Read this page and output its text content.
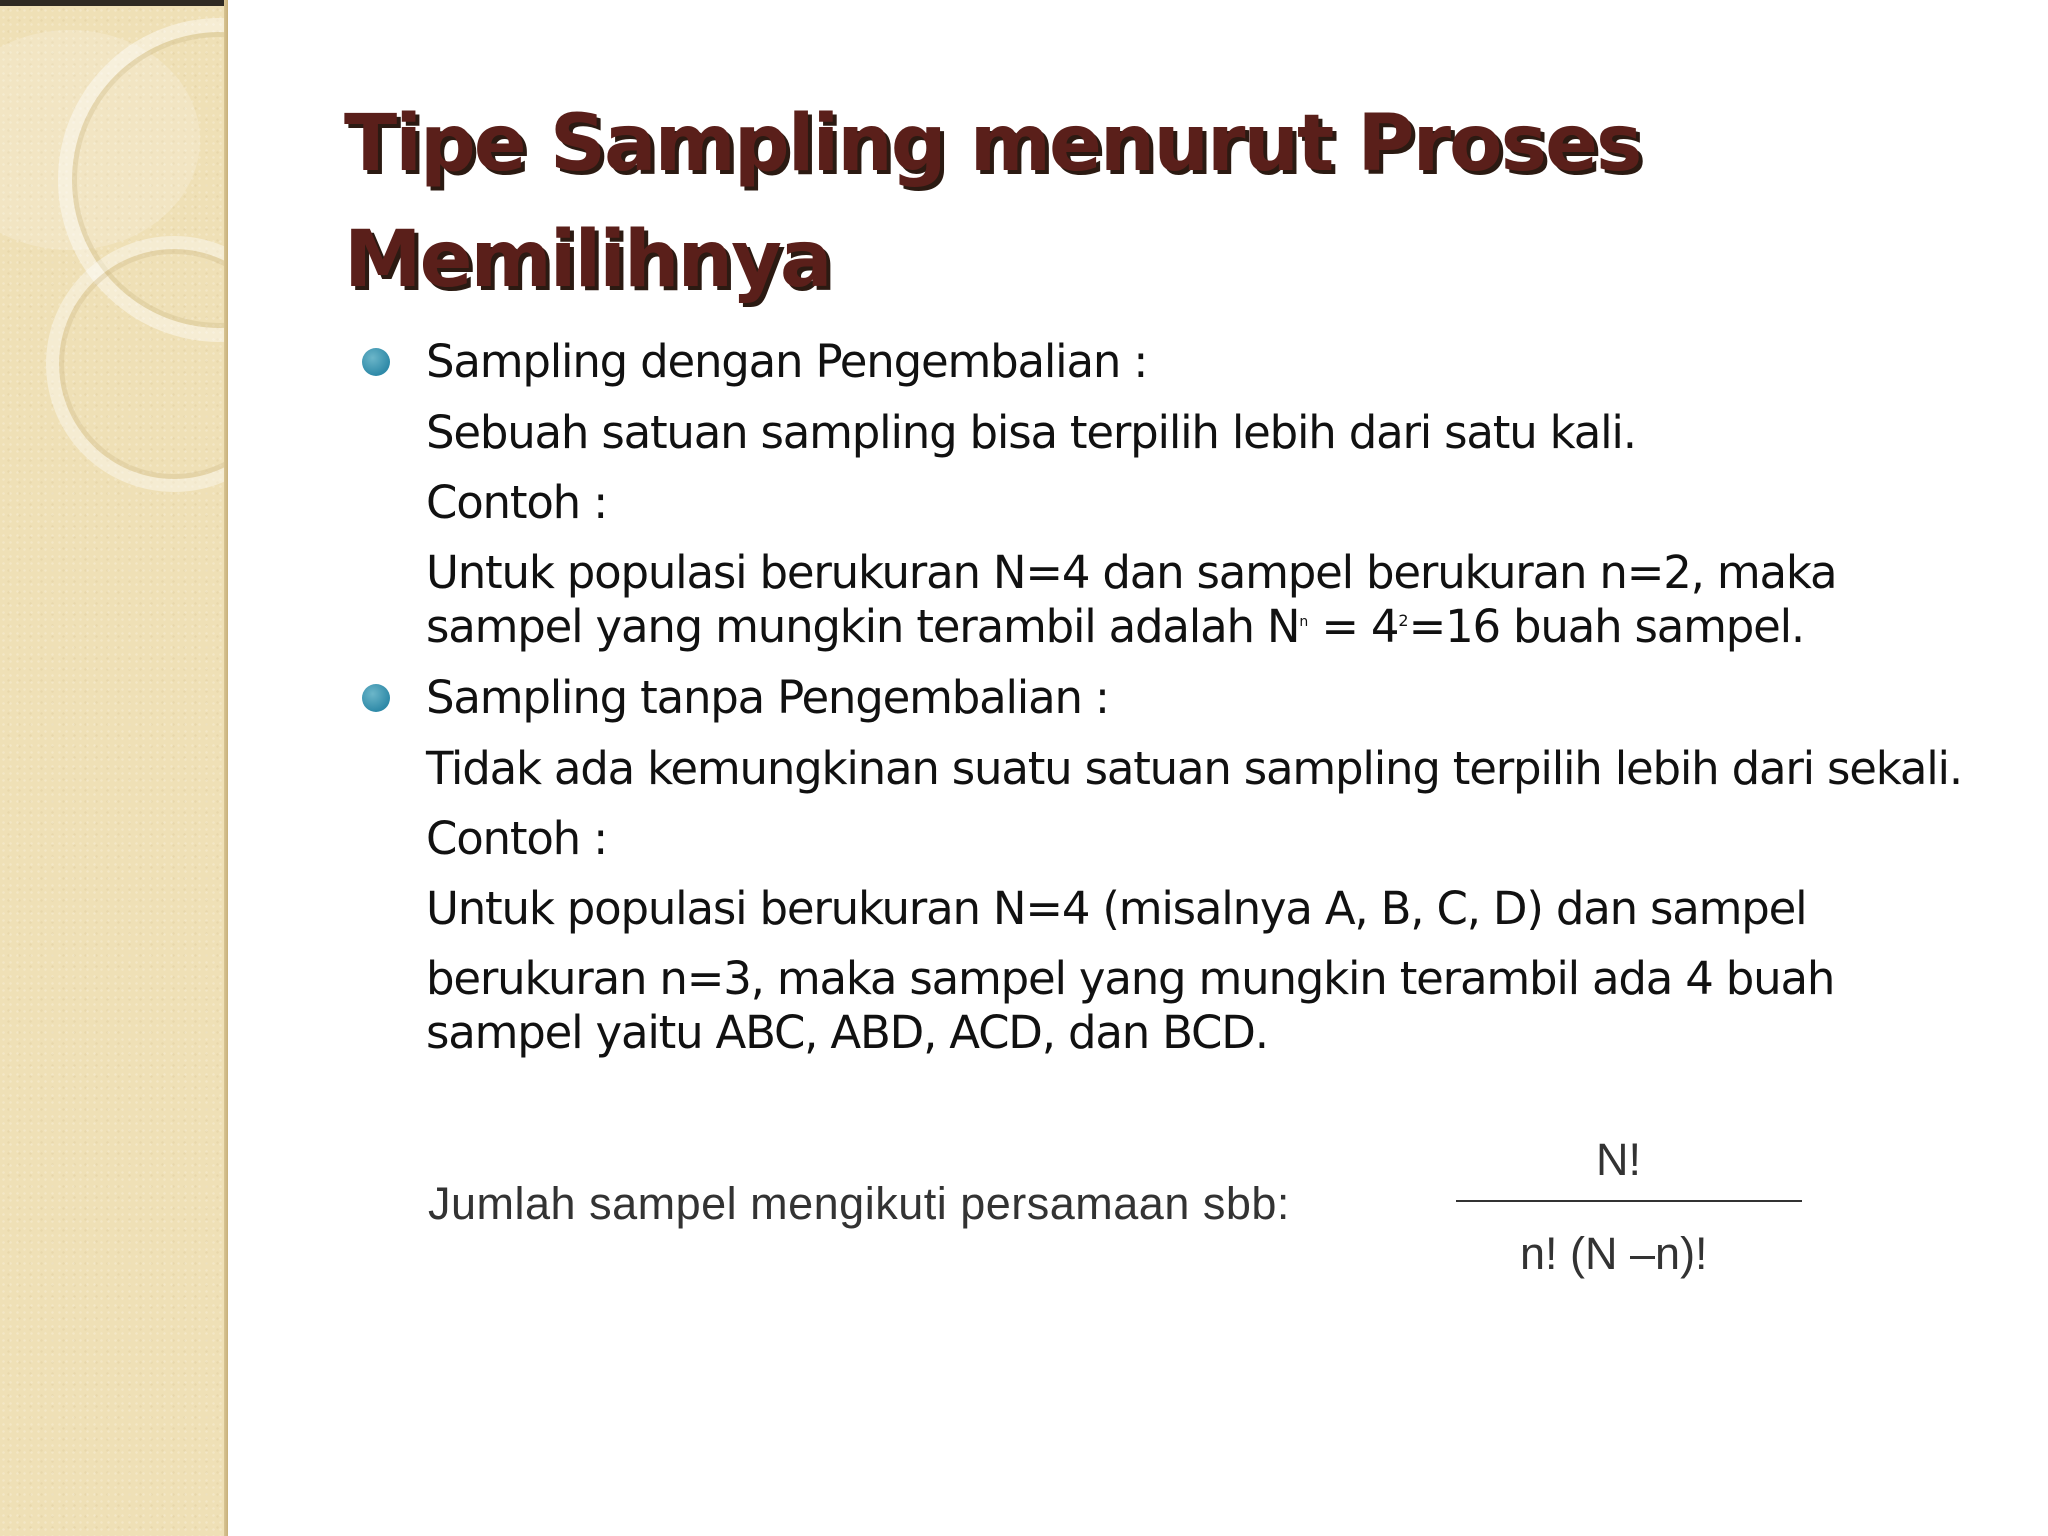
Tipe Sampling menurut Proses Memilihnya
Sampling dengan Pengembalian :

Sebuah satuan sampling bisa terpilih lebih dari satu kali.

Contoh :

Untuk populasi berukuran N=4 dan sampel berukuran n=2, maka sampel yang mungkin terambil adalah $N^n = 4^2=16$ buah sampel.

Sampling tanpa Pengembalian :

Tidak ada kemungkinan suatu satuan sampling terpilih lebih dari sekali.

Contoh :

Untuk populasi berukuran N=4 (misalnya A, B, C, D) dan sampel

berukuran n=3, maka sampel yang mungkin terambil ada 4 buah sampel yaitu ABC, ABD, ACD, dan BCD.

Jumlah sampel mengikuti persamaan sbb:
N!
n! (N –n)!
